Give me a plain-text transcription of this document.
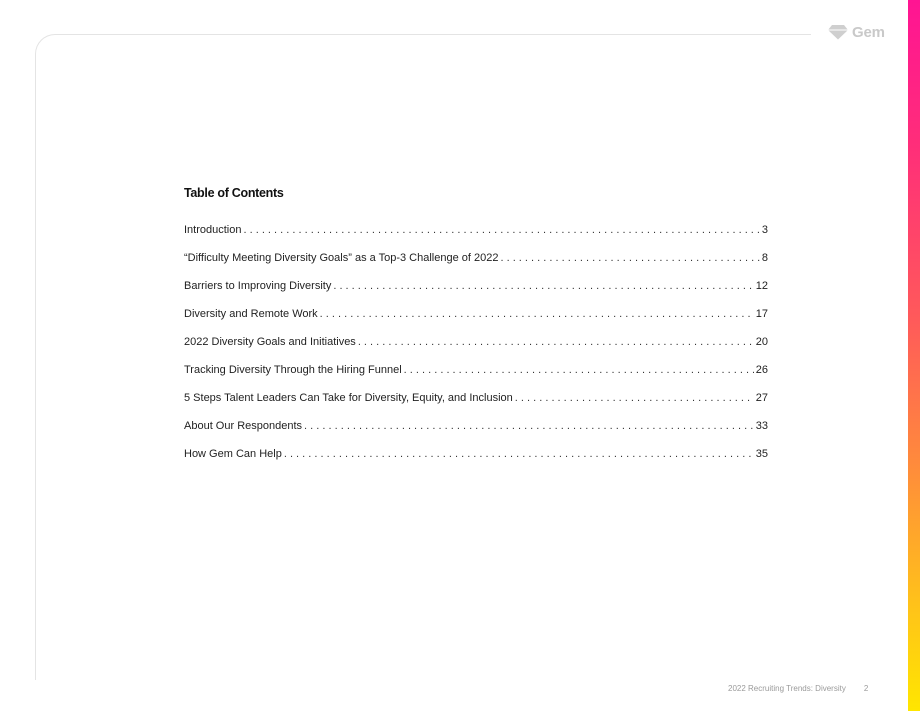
Gem
Table of Contents
Introduction . . .	3
“Difficulty Meeting Diversity Goals” as a Top-3 Challenge of 2022 . . .	8
Barriers to Improving Diversity . . .	12
Diversity and Remote Work . . .	17
2022 Diversity Goals and Initiatives . . .	20
Tracking Diversity Through the Hiring Funnel . . .	26
5 Steps Talent Leaders Can Take for Diversity, Equity, and Inclusion . . .	27
About Our Respondents . . .	33
How Gem Can Help . . .	35
2022 Recruiting Trends: Diversity 2
